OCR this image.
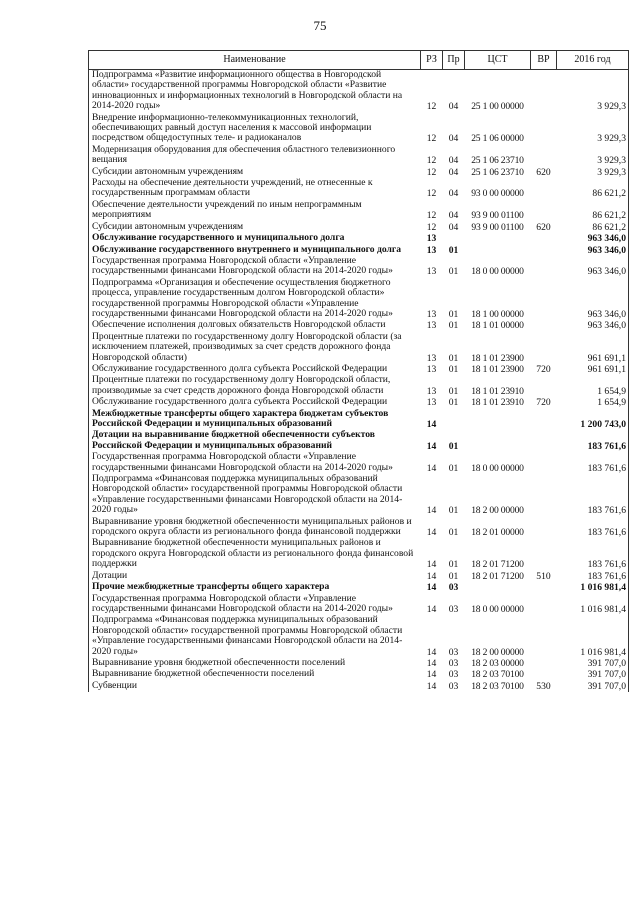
75
Наименование	РЗ	Пр	ЦСТ	ВР	2016 год
Подпрограмма «Развитие информационного общества в Новгородской области» государственной программы Новгородской области «Развитие инновационных и информационных технологий в Новгородской области на 2014-2020 годы»	12	04	25 1 00 00000		3 929,3
Внедрение информационно-телекоммуникационных технологий, обеспечивающих равный доступ населения к массовой информации посредством общедоступных теле- и радиоканалов	12	04	25 1 06 00000		3 929,3
Модернизация оборудования для обеспечения областного телевизионного вещания	12	04	25 1 06 23710		3 929,3
Субсидии автономным учреждениям	12	04	25 1 06 23710	620	3 929,3
Расходы на обеспечение деятельности учреждений, не отнесенные к государственным программам области	12	04	93 0 00 00000		86 621,2
Обеспечение деятельности учреждений по иным непрограммным мероприятиям	12	04	93 9 00 01100		86 621,2
Субсидии автономным учреждениям	12	04	93 9 00 01100	620	86 621,2
Обслуживание государственного и муниципального долга	13				963 346,0
Обслуживание государственного внутреннего и муниципального долга	13	01			963 346,0
Государственная программа Новгородской области «Управление государственными финансами Новгородской области на 2014-2020 годы»	13	01	18 0 00 00000		963 346,0
Подпрограмма «Организация и обеспечение осуществления бюджетного процесса, управление государственным долгом Новгородской области» государственной программы Новгородской области «Управление государственными финансами Новгородской области на 2014-2020 годы»	13	01	18 1 00 00000		963 346,0
Обеспечение исполнения долговых обязательств Новгородской области	13	01	18 1 01 00000		963 346,0
Процентные платежи по государственному долгу Новгородской области (за исключением платежей, производимых за счет средств дорожного фонда Новгородской области)	13	01	18 1 01 23900		961 691,1
Обслуживание государственного долга субъекта Российской Федерации	13	01	18 1 01 23900	720	961 691,1
Процентные платежи по государственному долгу Новгородской области, производимые за счет средств дорожного фонда Новгородской области	13	01	18 1 01 23910		1 654,9
Обслуживание государственного долга субъекта Российской Федерации	13	01	18 1 01 23910	720	1 654,9
Межбюджетные трансферты общего характера бюджетам субъектов Российской Федерации и муниципальных образований	14				1 200 743,0
Дотации на выравнивание бюджетной обеспеченности субъектов Российской Федерации и муниципальных образований	14	01			183 761,6
Государственная программа Новгородской области «Управление государственными финансами Новгородской области на 2014-2020 годы»	14	01	18 0 00 00000		183 761,6
Подпрограмма «Финансовая поддержка муниципальных образований Новгородской области» государственной программы Новгородской области «Управление государственными финансами Новгородской области на 2014-2020 годы»	14	01	18 2 00 00000		183 761,6
Выравнивание уровня бюджетной обеспеченности муниципальных районов и городского округа области из регионального фонда финансовой поддержки	14	01	18 2 01 00000		183 761,6
Выравнивание бюджетной обеспеченности муниципальных районов и городского округа Новгородской области из регионального фонда финансовой поддержки	14	01	18 2 01 71200		183 761,6
Дотации	14	01	18 2 01 71200	510	183 761,6
Прочие межбюджетные трансферты общего характера	14	03			1 016 981,4
Государственная программа Новгородской области «Управление государственными финансами Новгородской области на 2014-2020 годы»	14	03	18 0 00 00000		1 016 981,4
Подпрограмма «Финансовая поддержка муниципальных образований Новгородской области» государственной программы Новгородской области «Управление государственными финансами Новгородской области на 2014-2020 годы»	14	03	18 2 00 00000		1 016 981,4
Выравнивание уровня бюджетной обеспеченности поселений	14	03	18 2 03 00000		391 707,0
Выравнивание бюджетной обеспеченности поселений	14	03	18 2 03 70100		391 707,0
Субвенции	14	03	18 2 03 70100	530	391 707,0
